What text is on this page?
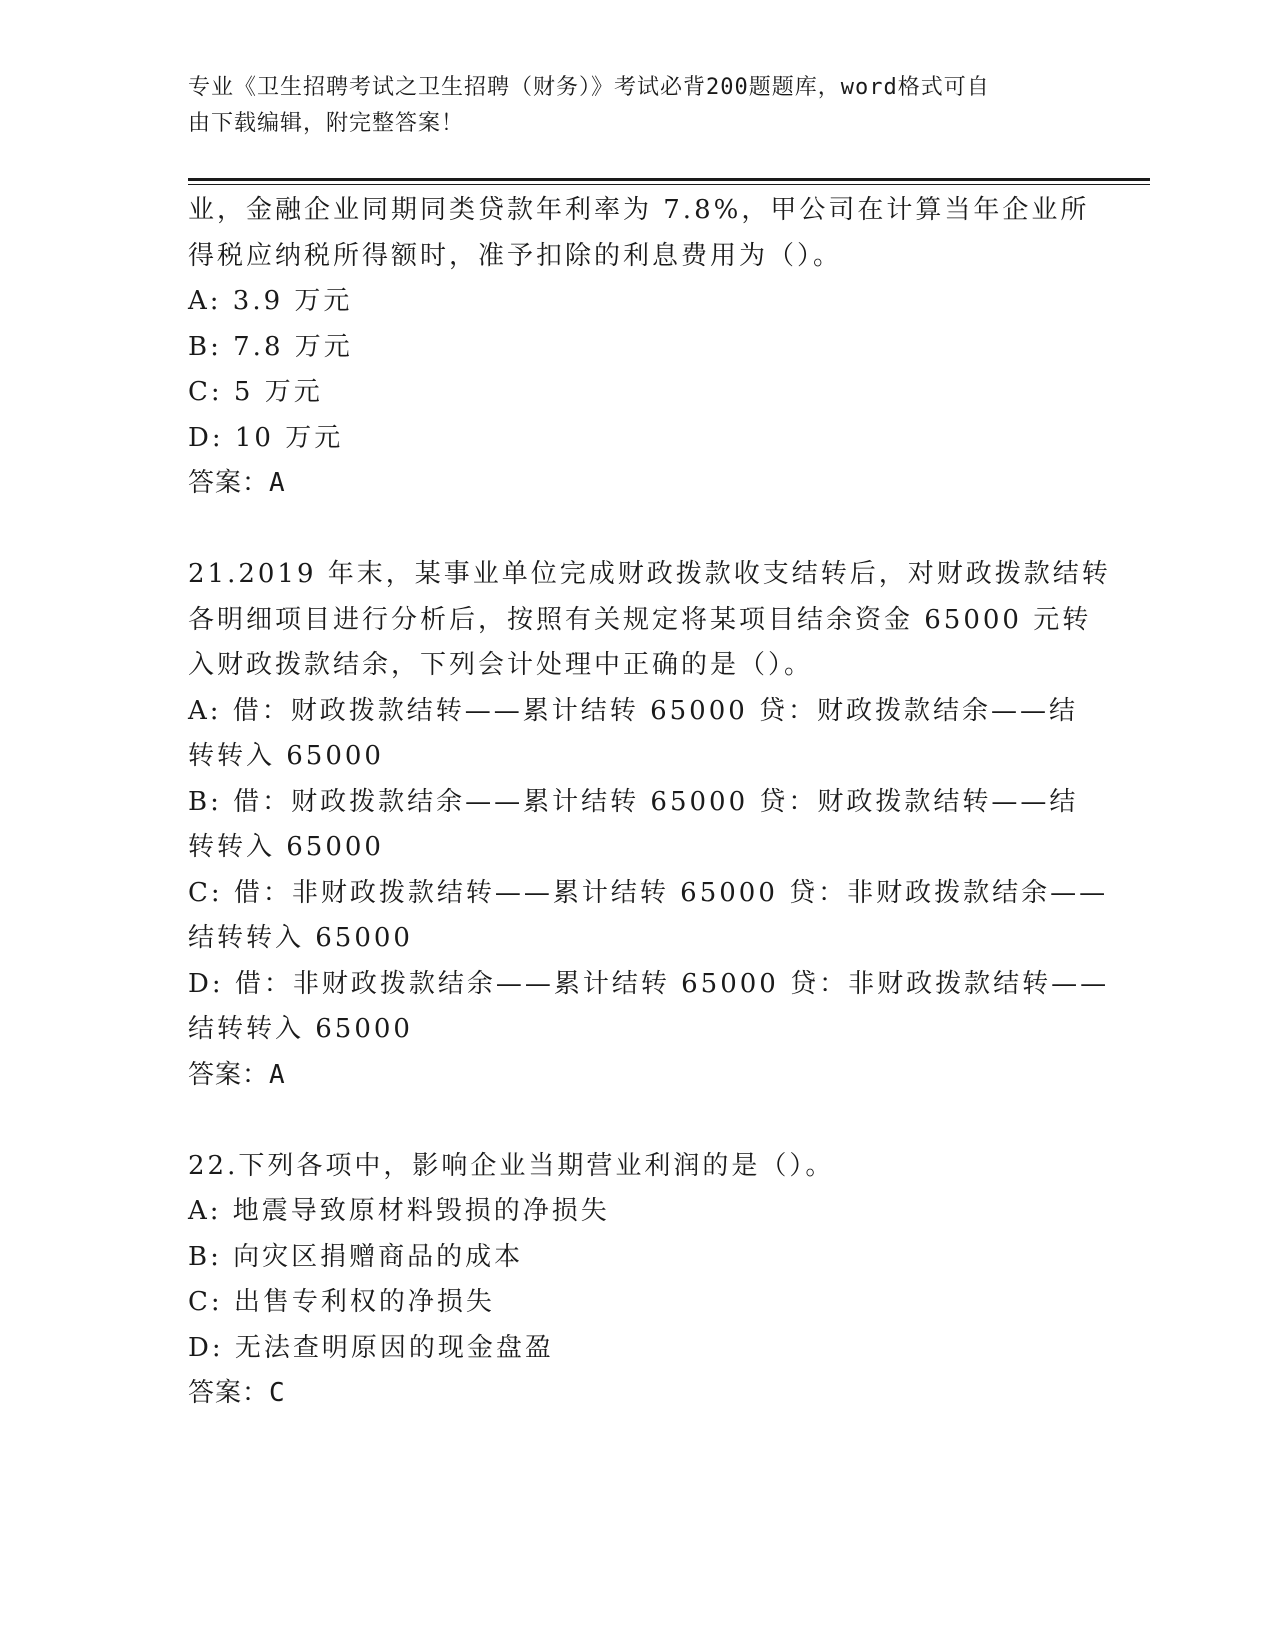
专业《卫生招聘考试之卫生招聘（财务）》考试必背200题题库，word格式可自
由下载编辑，附完整答案！
业，金融企业同期同类贷款年利率为 7.8%，甲公司在计算当年企业所
得税应纳税所得额时，准予扣除的利息费用为（）。
A: 3.9 万元
B: 7.8 万元
C: 5 万元
D: 10 万元
答案：A
21.2019 年末，某事业单位完成财政拨款收支结转后，对财政拨款结转
各明细项目进行分析后，按照有关规定将某项目结余资金 65000 元转
入财政拨款结余，下列会计处理中正确的是（）。
A: 借：财政拨款结转——累计结转 65000 贷：财政拨款结余——结
转转入 65000
B: 借：财政拨款结余——累计结转 65000 贷：财政拨款结转——结
转转入 65000
C: 借：非财政拨款结转——累计结转 65000 贷：非财政拨款结余——
结转转入 65000
D: 借：非财政拨款结余——累计结转 65000 贷：非财政拨款结转——
结转转入 65000
答案：A
22.下列各项中，影响企业当期营业利润的是（）。
A: 地震导致原材料毁损的净损失
B: 向灾区捐赠商品的成本
C: 出售专利权的净损失
D: 无法查明原因的现金盘盈
答案：C
